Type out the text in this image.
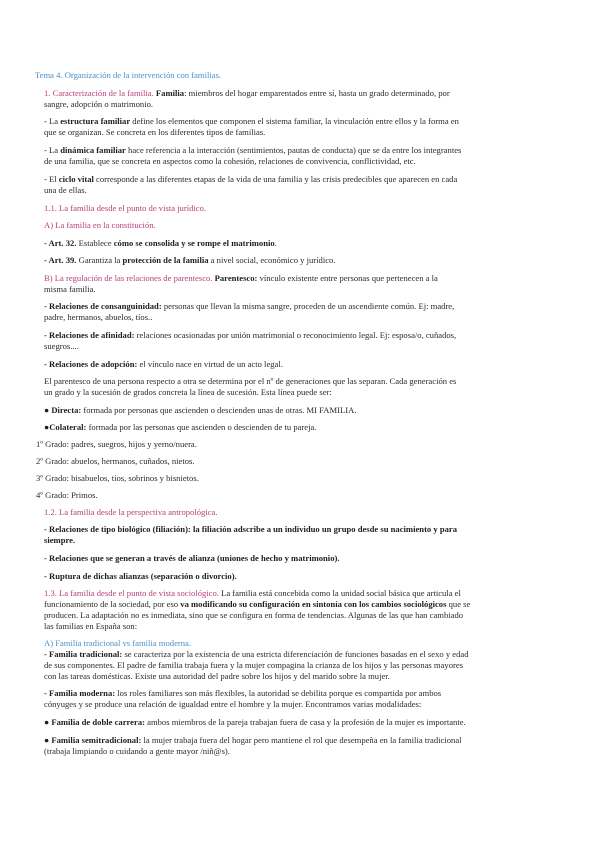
Tema 4. Organización de la intervención con familias.
1. Caracterización de la familia. Familia: miembros del hogar emparentados entre sí, hasta un grado determinado, por
sangre, adopción o matrimonio.
- La estructura familiar define los elementos que componen el sistema familiar, la vinculación entre ellos y la forma en
que se organizan. Se concreta en los diferentes tipos de familias.
- La dinámica familiar hace referencia a la interacción (sentimientos, pautas de conducta) que se da entre los integrantes
de una familia, que se concreta en aspectos como la cohesión, relaciones de convivencia, conflictividad, etc.
- El ciclo vital corresponde a las diferentes etapas de la vida de una familia y las crisis predecibles que aparecen en cada
una de ellas.
1.1. La familia desde el punto de vista jurídico.
A) La familia en la constitución.
- Art. 32. Establece cómo se consolida y se rompe el matrimonio.
- Art. 39. Garantiza la protección de la familia a nivel social, económico y jurídico.
B) La regulación de las relaciones de parentesco. Parentesco: vínculo existente entre personas que pertenecen a la
misma familia.
- Relaciones de consanguinidad: personas que llevan la misma sangre, proceden de un ascendiente común. Ej: madre,
padre, hermanos, abuelos, tíos..
- Relaciones de afinidad: relaciones ocasionadas por unión matrimonial o reconocimiento legal. Ej: esposa/o, cuñados,
suegros....
- Relaciones de adopción: el vínculo nace en virtud de un acto legal.
El parentesco de una persona respecto a otra se determina por el nº de generaciones que las separan. Cada generación es
un grado y la sucesión de grados concreta la línea de sucesión. Esta línea puede ser:
● Directa: formada por personas que ascienden o descienden unas de otras. MI FAMILIA.
●Colateral: formada por las personas que ascienden o descienden de tu pareja.
1º Grado: padres, suegros, hijos y yerno/nuera.
2º Grado: abuelos, hermanos, cuñados, nietos.
3º Grado: bisabuelos, tíos, sobrinos y bisnietos.
4º Grado: Primos.
1.2. La familia desde la perspectiva antropológica.
- Relaciones de tipo biológico (filiación): la filiación adscribe a un individuo un grupo desde su nacimiento y para
siempre.
- Relaciones que se generan a través de alianza (uniones de hecho y matrimonio).
- Ruptura de dichas alianzas (separación o divorcio).
1.3. La familia desde el punto de vista sociológico. La familia está concebida como la unidad social básica que articula el
funcionamiento de la sociedad, por eso va modificando su configuración en sintonía con los cambios sociológicos que se
producen. La adaptación no es inmediata, sino que se configura en forma de tendencias. Algunas de las que han cambiado
las familias en España son:
A) Familia tradicional vs familia moderna.
- Familia tradicional: se caracteriza por la existencia de una estricta diferenciación de funciones basadas en el sexo y edad
de sus componentes. El padre de familia trabaja fuera y la mujer compagina la crianza de los hijos y las personas mayores
con las tareas domésticas. Existe una autoridad del padre sobre los hijos y del marido sobre la mujer.
- Familia moderna: los roles familiares son más flexibles, la autoridad se debilita porque es compartida por ambos
cónyuges y se produce una relación de igualdad entre el hombre y la mujer. Encontramos varias modalidades:
● Familia de doble carrera: ambos miembros de la pareja trabajan fuera de casa y la profesión de la mujer es importante.
● Familia semitradicional: la mujer trabaja fuera del hogar pero mantiene el rol que desempeña en la familia tradicional
(trabaja limpiando o cuidando a gente mayor /niñ@s).
